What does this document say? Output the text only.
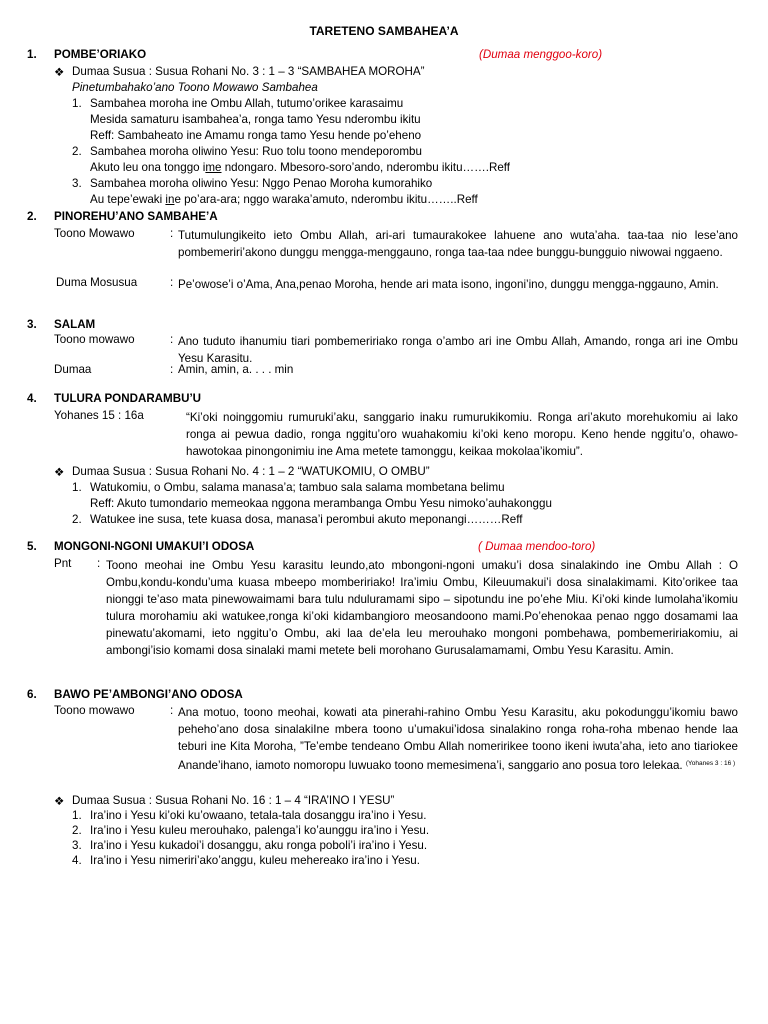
TARETENO SAMBAHEA’A
1. POMBE’ORIAKO	(Dumaa menggoo-koro)
❖ Dumaa Susua : Susua Rohani No. 3 : 1 – 3 “SAMBAHEA MOROHA”
Pinetumbahako’ano Toono Mowawo Sambahea
1. Sambahea moroha ine Ombu Allah, tutumo’orikee karasaimu
Mesida samaturu isambahea’a, ronga tamo Yesu nderombu ikitu
Reff: Sambaheato ine Amamu ronga tamo Yesu hende po’eheno
2. Sambahea moroha oliwino Yesu: Ruo tolu toono mendeporombu
Akuto leu ona tonggo ime ndongaro. Mbesoro-soro’ando, nderombu ikitu…….Reff
3. Sambahea moroha oliwino Yesu: Nggo Penao Moroha kumorahiko
Au tepe’ewaki ine po’ara-ara; nggo waraka’amuto, nderombu ikitu……..Reff
2. PINOREHU’ANO SAMBAHE’A
Toono Mowawo	: Tutumulungikeito ieto Ombu Allah, ari-ari tumaurakokee lahuene ano wuta’aha. taa-taa nio lese’ano pombemeriri’akono dunggu mengga-menggauno, ronga taa-taa ndee bunggu-bungguio niwowai nggaeno.
Duma Mosusua	: Pe’owose’i o’Ama, Ana,penao Moroha, hende ari mata isono, ingoni’ino, dunggu mengga-nggauno, Amin.
3. SALAM
Toono mowawo	: Ano tuduto ihanumiu tiari pombemeririako ronga o’ambo ari ine Ombu Allah, Amando, ronga ari ine Ombu Yesu Karasitu.
Dumaa	: Amin, amin, a. . . . min
4. TULURA PONDARAMBU’U
Yohanes 15 : 16a	“Ki’oki noinggomiu rumuruki’aku, sanggario inaku rumurukikomiu. Ronga ari’akuto morehukomiu ai lako ronga ai pewua dadio, ronga nggitu’oro wuahakomiu ki’oki keno moropu. Keno hende nggitu’o, ohawo-hawotokaa pinongonimiu ine Ama metete tamonggu, keikaa mokolaa’ikomiu”.
❖ Dumaa Susua : Susua Rohani No. 4 : 1 – 2 “WATUKOMIU, O OMBU”
1. Watukomiu, o Ombu, salama manasa’a; tambuo sala salama mombetana belimu
Reff: Akuto tumondario memeokaa nggona merambanga Ombu Yesu nimoko’auhakonggu
2. Watukee ine susa, tete kuasa dosa, manasa’i perombui akuto meponangi………Reff
5. MONGONI-NGONI UMAKUI’I ODOSA	( Dumaa mendoo-toro)
Pnt : Toono meohai ine Ombu Yesu karasitu leundo,ato mbongoni-ngoni umaku’i dosa sinalakindo ine Ombu Allah : O Ombu,kondu-kondu’uma kuasa mbeepo mombeririako! Ira’imiu Ombu, Kileuumakui’i dosa sinalakimami. Kito’orikee taa nionggi te’aso mata pinewowaimami bara tulu nduluramami sipo – sipotundu ine po’ehe Miu. Ki’oki kinde lumolaha’ikomiu tulura morohamiu aki watukee,ronga ki’oki kidambangioro meosandoono mami.Po’ehenokaa penao nggo dosamami laa pinewatu’akomami, ieto nggitu’o Ombu, aki laa de’ela leu merouhako mongoni pombehawa, pombemeririakomiu, ai ambongi’isio komami dosa sinalaki mami metete beli morohano Gurusalamamami, Ombu Yesu Karasitu. Amin.
6. BAWO PE’AMBONGI’ANO ODOSA
Toono mowawo	: Ana motuo, toono meohai, kowati ata pinerahi-rahino Ombu Yesu Karasitu, aku pokodunggu’ikomiu bawo peheho’ano dosa sinalakiIne mbera toono u’umakui’idosa sinalakino ronga roha-roha mbenao hende laa teburi ine Kita Moroha, ”Te’embe tendeano Ombu Allah nomeririkee toono ikeni iwuta’aha, ieto ano tiariokee Anande’ihano, iamoto nomoropu luwuako toono memesimena’i, sanggario ano posua toro lelekaa. $^{(Yohanes 3 : 16 )}$
❖ Dumaa Susua : Susua Rohani No. 16 : 1 – 4 “IRA’INO I YESU”
1. Ira’ino i Yesu ki’oki ku’owaano, tetala-tala dosanggu ira’ino i Yesu.
2. Ira’ino i Yesu kuleu merouhako, palenga’i ko’aunggu ira’ino i Yesu.
3. Ira’ino i Yesu kukadoi’i dosanggu, aku ronga poboli’i ira’ino i Yesu.
4. Ira’ino i Yesu nimeriri’ako’anggu, kuleu mehereako ira’ino i Yesu.
